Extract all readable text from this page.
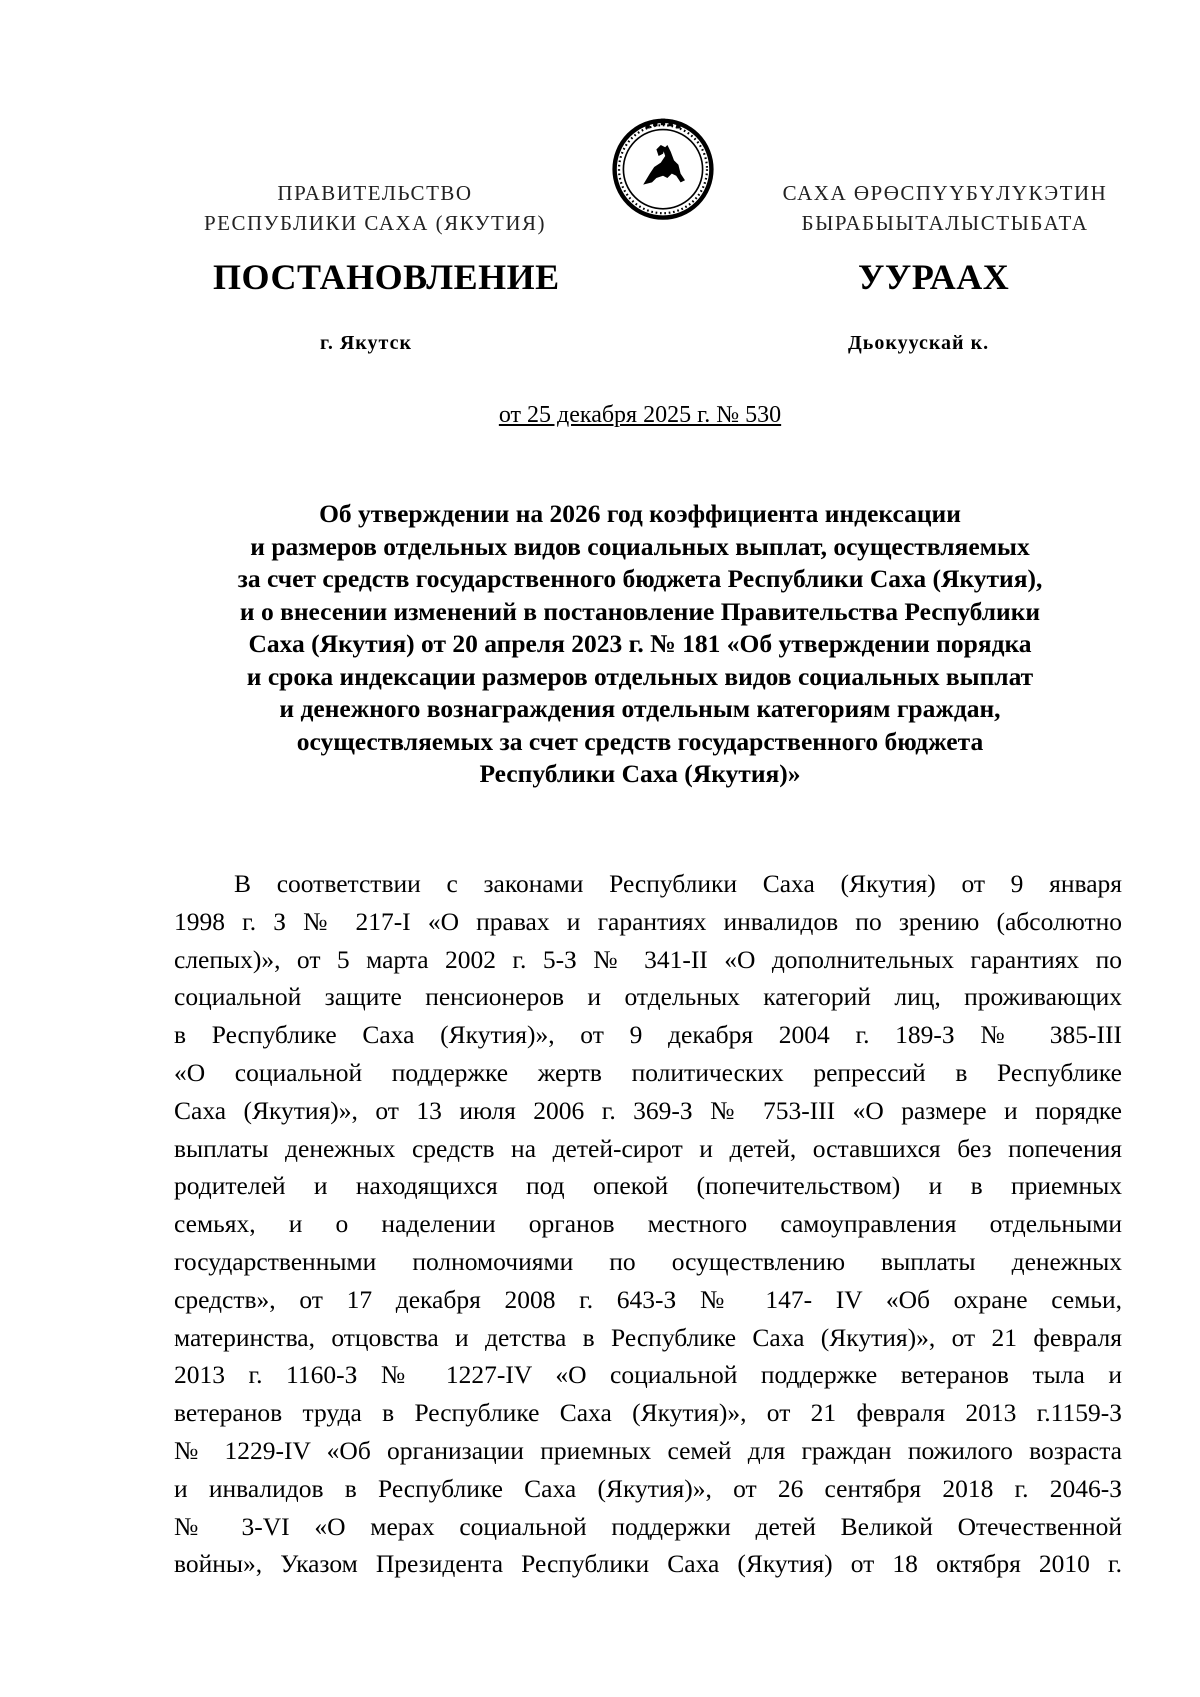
ПРАВИТЕЛЬСТВО
РЕСПУБЛИКИ САХА (ЯКУТИЯ)
САХА ӨРӨСПҮҮБҮЛҮКЭТИН
БЫРАБЫЫТАЛЫСТЫБАТА
ПОСТАНОВЛЕНИЕ	УУРААХ
г. Якутск	Дьокуускай к.
от 25 декабря 2025 г. № 530
Об утверждении на 2026 год коэффициента индексации
и размеров отдельных видов социальных выплат, осуществляемых
за счет средств государственного бюджета Республики Саха (Якутия),
и о внесении изменений в постановление Правительства Республики
Саха (Якутия) от 20 апреля 2023 г. № 181 «Об утверждении порядка
и срока индексации размеров отдельных видов социальных выплат
и денежного вознаграждения отдельным категориям граждан,
осуществляемых за счет средств государственного бюджета
Республики Саха (Якутия)»
В соответствии с законами Республики Саха (Якутия) от 9 января
1998 г. З № 217-I «О правах и гарантиях инвалидов по зрению (абсолютно
слепых)», от 5 марта 2002 г. 5-З № 341-II «О дополнительных гарантиях по
социальной защите пенсионеров и отдельных категорий лиц, проживающих
в Республике Саха (Якутия)», от 9 декабря 2004 г. 189-З № 385-III
«О социальной поддержке жертв политических репрессий в Республике
Саха (Якутия)», от 13 июля 2006 г. 369-З № 753-III «О размере и порядке
выплаты денежных средств на детей-сирот и детей, оставшихся без попечения
родителей и находящихся под опекой (попечительством) и в приемных
семьях, и о наделении органов местного самоуправления отдельными
государственными полномочиями по осуществлению выплаты денежных
средств», от 17 декабря 2008 г. 643-З № 147- IV «Об охране семьи,
материнства, отцовства и детства в Республике Саха (Якутия)», от 21 февраля
2013 г. 1160-З № 1227-IV «О социальной поддержке ветеранов тыла и
ветеранов труда в Республике Саха (Якутия)», от 21 февраля 2013 г.1159-З
№ 1229-IV «Об организации приемных семей для граждан пожилого возраста
и инвалидов в Республике Саха (Якутия)», от 26 сентября 2018 г. 2046-З
№ 3-VI «О мерах социальной поддержки детей Великой Отечественной
войны», Указом Президента Республики Саха (Якутия) от 18 октября 2010 г.
